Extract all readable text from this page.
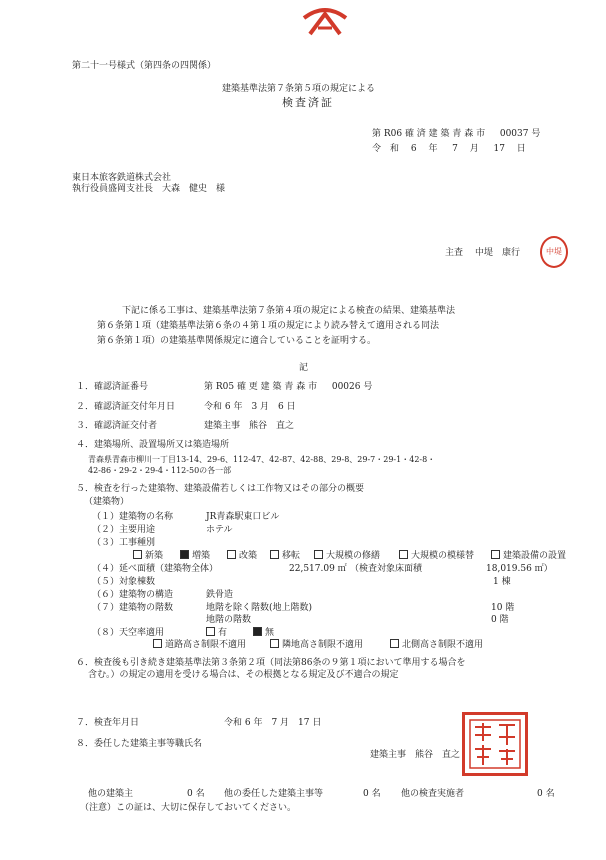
第二十一号様式（第四条の四関係）
建築基準法第７条第５項の規定による
検査済証
第 R06 確 済 建 築 青 森 市 　 00037 号
令　和　 6 　年 　 7 　月 　 17 　日
東日本旅客鉄道株式会社
執行役員盛岡支社長　大森　健史　様
主査 中堤　康行	中堤
下記に係る工事は、建築基準法第７条第４項の規定による検査の結果、建築基準法
第６条第１項（建築基準法第６条の４第１項の規定により読み替えて適用される同法
第６条第１項）の建築基準関係規定に適合していることを証明する。
記
１．確認済証番号	第 R05 確 更 建 築 青 森 市 　 00026 号
２．確認済証交付年月日	令和 6 年　3 月　6 日
３．確認済証交付者	建築主事　熊谷　直之
４．建築場所、設置場所又は築造場所
青森県青森市柳川一丁目13-14、29-6、112-47、42-87、42-88、29-8、29-7・29-1・42-8・
42-86・29-2・29-4・112-50の各一部
５．検査を行った建築物、建築設備若しくは工作物又はその部分の概要
（建築物）
（１）建築物の名称	JR青森駅東口ビル
（２）主要用途	ホテル
（３）工事種別
新築	増築	改築	移転	大規模の修繕	大規模の模様替	建築設備の設置
（４）延べ面積（建築物全体）	22,517.09 ㎡ （検査対象床面積	18,019.56 ㎡）
（５）対象棟数	1 棟
（６）建築物の構造	鉄骨造
（７）建築物の階数	地階を除く階数(地上階数)	10 階
地階の階数	0 階
（８）天空率適用	有	無
道路高さ制限不適用	隣地高さ制限不適用	北側高さ制限不適用
６．検査後も引き続き建築基準法第３条第２項（同法第86条の９第１項において準用する場合を
含む。）の規定の適用を受ける場合は、その根拠となる規定及び不適合の規定
７．検査年月日	令和 6 年　7 月　17 日
８．委任した建築主事等職氏名
建築主事　熊谷　直之
他の建築主	0 名 他の委任した建築主事等	0 名 他の検査実施者	0 名
（注意）この証は、大切に保存しておいてください。
